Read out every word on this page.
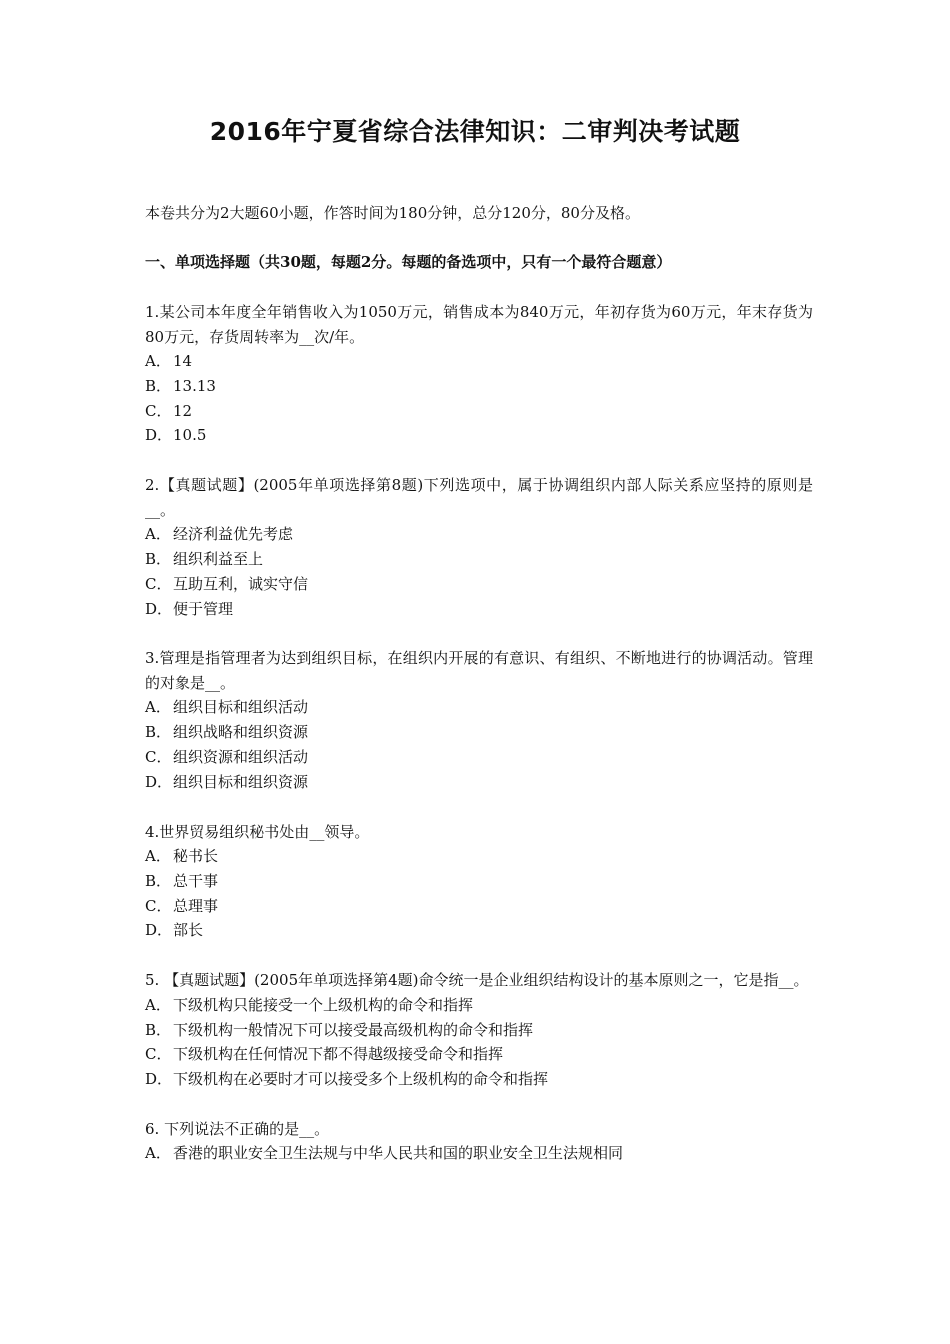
2016年宁夏省综合法律知识：二审判决考试题
本卷共分为2大题60小题，作答时间为180分钟，总分120分，80分及格。
一、单项选择题（共30题，每题2分。每题的备选项中，只有一个最符合题意）
1.某公司本年度全年销售收入为1050万元，销售成本为840万元，年初存货为60万元，年末存货为80万元，存货周转率为__次/年。
A． 14
B． 13.13
C． 12
D．10.5
2.【真题试题】(2005年单项选择第8题)下列选项中，属于协调组织内部人际关系应坚持的原则是__。
A． 经济利益优先考虑
B． 组织利益至上
C． 互助互利，诚实守信
D．便于管理
3.管理是指管理者为达到组织目标，在组织内开展的有意识、有组织、不断地进行的协调活动。管理的对象是__。
A． 组织目标和组织活动
B． 组织战略和组织资源
C． 组织资源和组织活动
D．组织目标和组织资源
4.世界贸易组织秘书处由__领导。
A． 秘书长
B． 总干事
C． 总理事
D．部长
5. 【真题试题】(2005年单项选择第4题)命令统一是企业组织结构设计的基本原则之一，它是指__。
A． 下级机构只能接受一个上级机构的命令和指挥
B． 下级机构一般情况下可以接受最高级机构的命令和指挥
C． 下级机构在任何情况下都不得越级接受命令和指挥
D．下级机构在必要时才可以接受多个上级机构的命令和指挥
6. 下列说法不正确的是__。
A． 香港的职业安全卫生法规与中华人民共和国的职业安全卫生法规相同
